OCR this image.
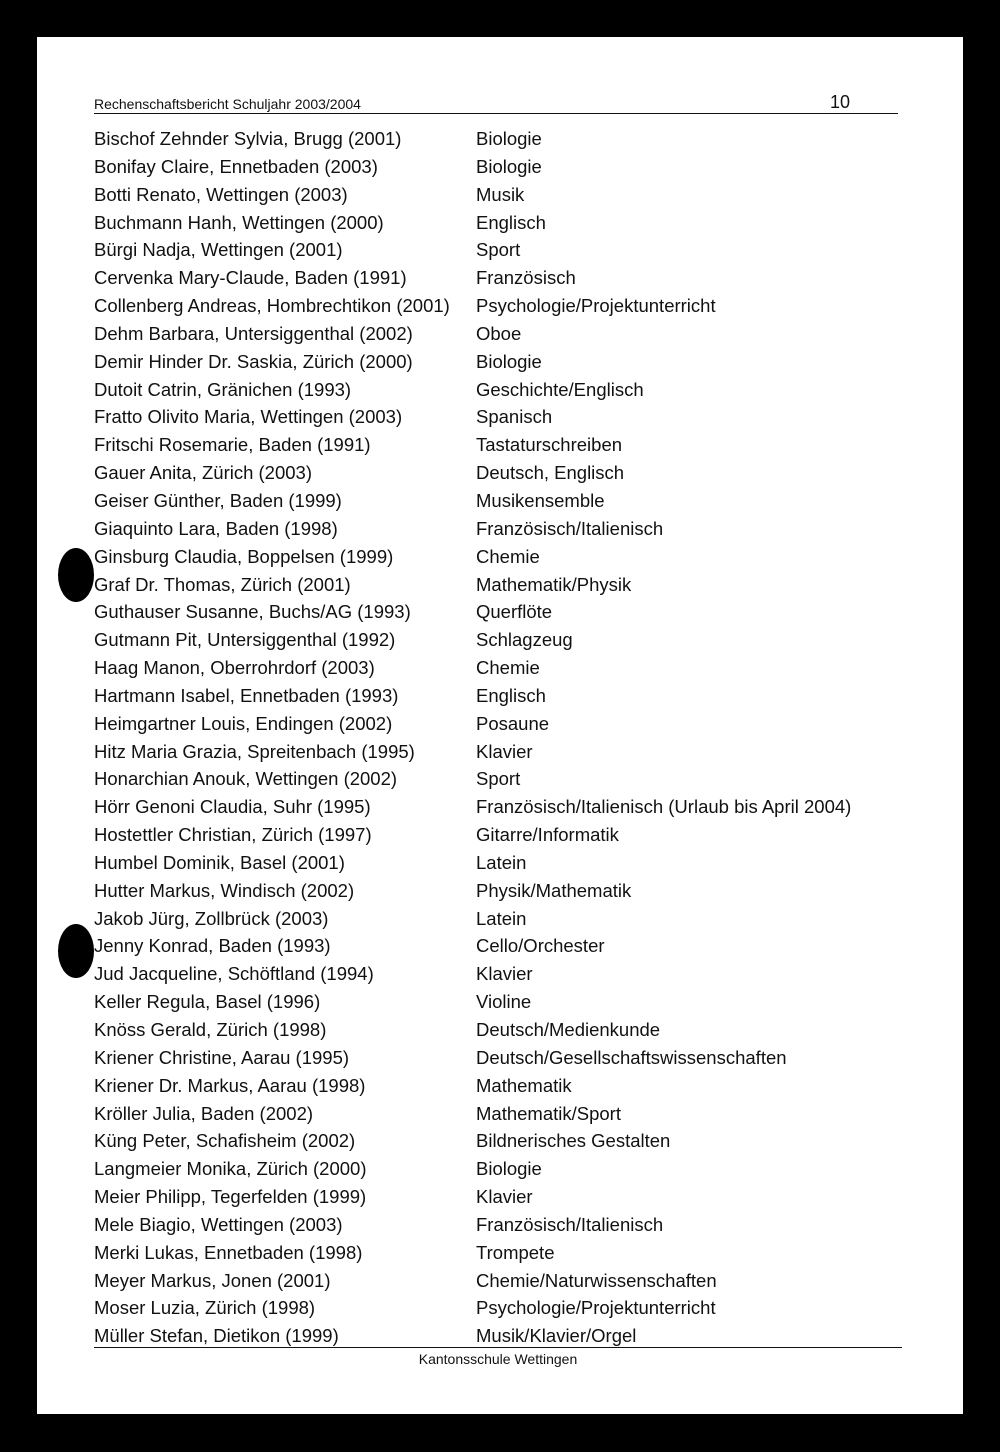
Rechenschaftsbericht Schuljahr 2003/2004	10
Bischof Zehnder Sylvia, Brugg (2001)	Biologie
Bonifay Claire, Ennetbaden (2003)	Biologie
Botti Renato, Wettingen (2003)	Musik
Buchmann Hanh, Wettingen (2000)	Englisch
Bürgi Nadja, Wettingen (2001)	Sport
Cervenka Mary-Claude, Baden (1991)	Französisch
Collenberg Andreas, Hombrechtikon (2001) Psychologie/Projektunterricht
Dehm Barbara, Untersiggenthal (2002)	Oboe
Demir Hinder Dr. Saskia, Zürich (2000)	Biologie
Dutoit Catrin, Gränichen (1993)	Geschichte/Englisch
Fratto Olivito Maria, Wettingen (2003)	Spanisch
Fritschi Rosemarie, Baden (1991)	Tastaturschreiben
Gauer Anita, Zürich (2003)	Deutsch, Englisch
Geiser Günther, Baden (1999)	Musikensemble
Giaquinto Lara, Baden (1998)	Französisch/Italienisch
Ginsburg Claudia, Boppelsen (1999)	Chemie
Graf Dr. Thomas, Zürich (2001)	Mathematik/Physik
Guthauser Susanne, Buchs/AG (1993)	Querflöte
Gutmann Pit, Untersiggenthal (1992)	Schlagzeug
Haag Manon, Oberrohrdorf (2003)	Chemie
Hartmann Isabel, Ennetbaden (1993)	Englisch
Heimgartner Louis, Endingen (2002)	Posaune
Hitz Maria Grazia, Spreitenbach (1995)	Klavier
Honarchian Anouk, Wettingen (2002)	Sport
Hörr Genoni Claudia, Suhr (1995)	Französisch/Italienisch (Urlaub bis April 2004)
Hostettler Christian, Zürich (1997)	Gitarre/Informatik
Humbel Dominik, Basel (2001)	Latein
Hutter Markus, Windisch (2002)	Physik/Mathematik
Jakob Jürg, Zollbrück (2003)	Latein
Jenny Konrad, Baden (1993)	Cello/Orchester
Jud Jacqueline, Schöftland (1994)	Klavier
Keller Regula, Basel (1996)	Violine
Knöss Gerald, Zürich (1998)	Deutsch/Medienkunde
Kriener Christine, Aarau (1995)	Deutsch/Gesellschaftswissenschaften
Kriener Dr. Markus, Aarau (1998)	Mathematik
Kröller Julia, Baden (2002)	Mathematik/Sport
Küng Peter, Schafisheim (2002)	Bildnerisches Gestalten
Langmeier Monika, Zürich (2000)	Biologie
Meier Philipp, Tegerfelden (1999)	Klavier
Mele Biagio, Wettingen (2003)	Französisch/Italienisch
Merki Lukas, Ennetbaden (1998)	Trompete
Meyer Markus, Jonen (2001)	Chemie/Naturwissenschaften
Moser Luzia, Zürich (1998)	Psychologie/Projektunterricht
Müller Stefan, Dietikon (1999)	Musik/Klavier/Orgel
Kantonsschule Wettingen
